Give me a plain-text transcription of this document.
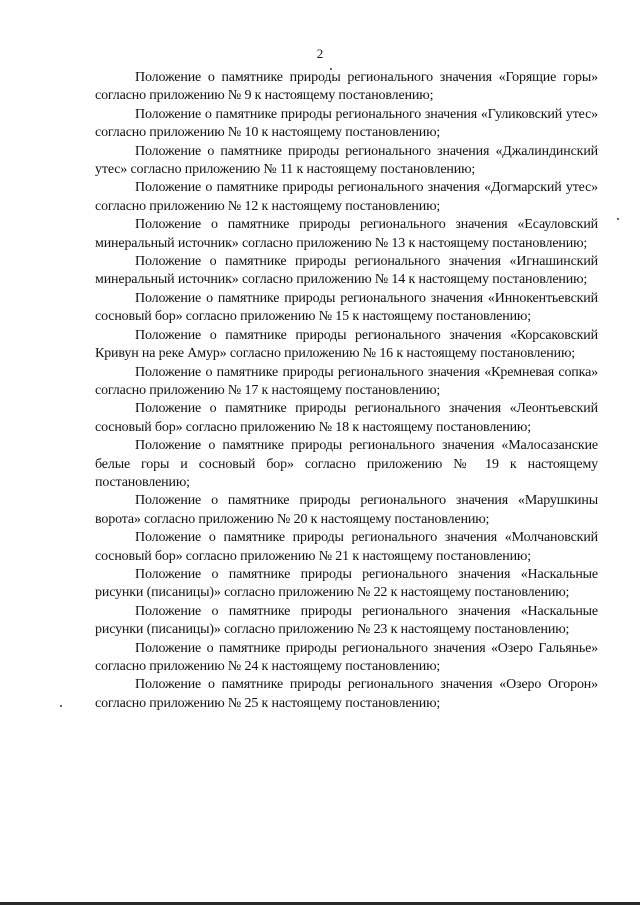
2

Положение о памятнике природы регионального значения «Горящие горы» согласно приложению № 9 к настоящему постановлению;

Положение о памятнике природы регионального значения «Гуликовский утес» согласно приложению № 10 к настоящему постановлению;

Положение о памятнике природы регионального значения «Джалиндинский утес» согласно приложению № 11 к настоящему постановлению;

Положение о памятнике природы регионального значения «Догмарский утес» согласно приложению № 12 к настоящему постановлению;

Положение о памятнике природы регионального значения «Есауловский минеральный источник» согласно приложению № 13 к настоящему постановлению;

Положение о памятнике природы регионального значения «Игнашинский минеральный источник» согласно приложению № 14 к настоящему постановлению;

Положение о памятнике природы регионального значения «Иннокентьевский сосновый бор» согласно приложению № 15 к настоящему постановлению;

Положение о памятнике природы регионального значения «Корсаковский Кривун на реке Амур» согласно приложению № 16 к настоящему постановлению;

Положение о памятнике природы регионального значения «Кремневая сопка» согласно приложению № 17 к настоящему постановлению;

Положение о памятнике природы регионального значения «Леонтьевский сосновый бор» согласно приложению № 18 к настоящему постановлению;

Положение о памятнике природы регионального значения «Малосазанские белые горы и сосновый бор» согласно приложению № 19 к настоящему постановлению;

Положение о памятнике природы регионального значения «Марушкины ворота» согласно приложению № 20 к настоящему постановлению;

Положение о памятнике природы регионального значения «Молчановский сосновый бор» согласно приложению № 21 к настоящему постановлению;

Положение о памятнике природы регионального значения «Наскальные рисунки (писаницы)» согласно приложению № 22 к настоящему постановлению;

Положение о памятнике природы регионального значения «Наскальные рисунки (писаницы)» согласно приложению № 23 к настоящему постановлению;

Положение о памятнике природы регионального значения «Озеро Гальянье» согласно приложению № 24 к настоящему постановлению;

Положение о памятнике природы регионального значения «Озеро Огорон» согласно приложению № 25 к настоящему постановлению;
